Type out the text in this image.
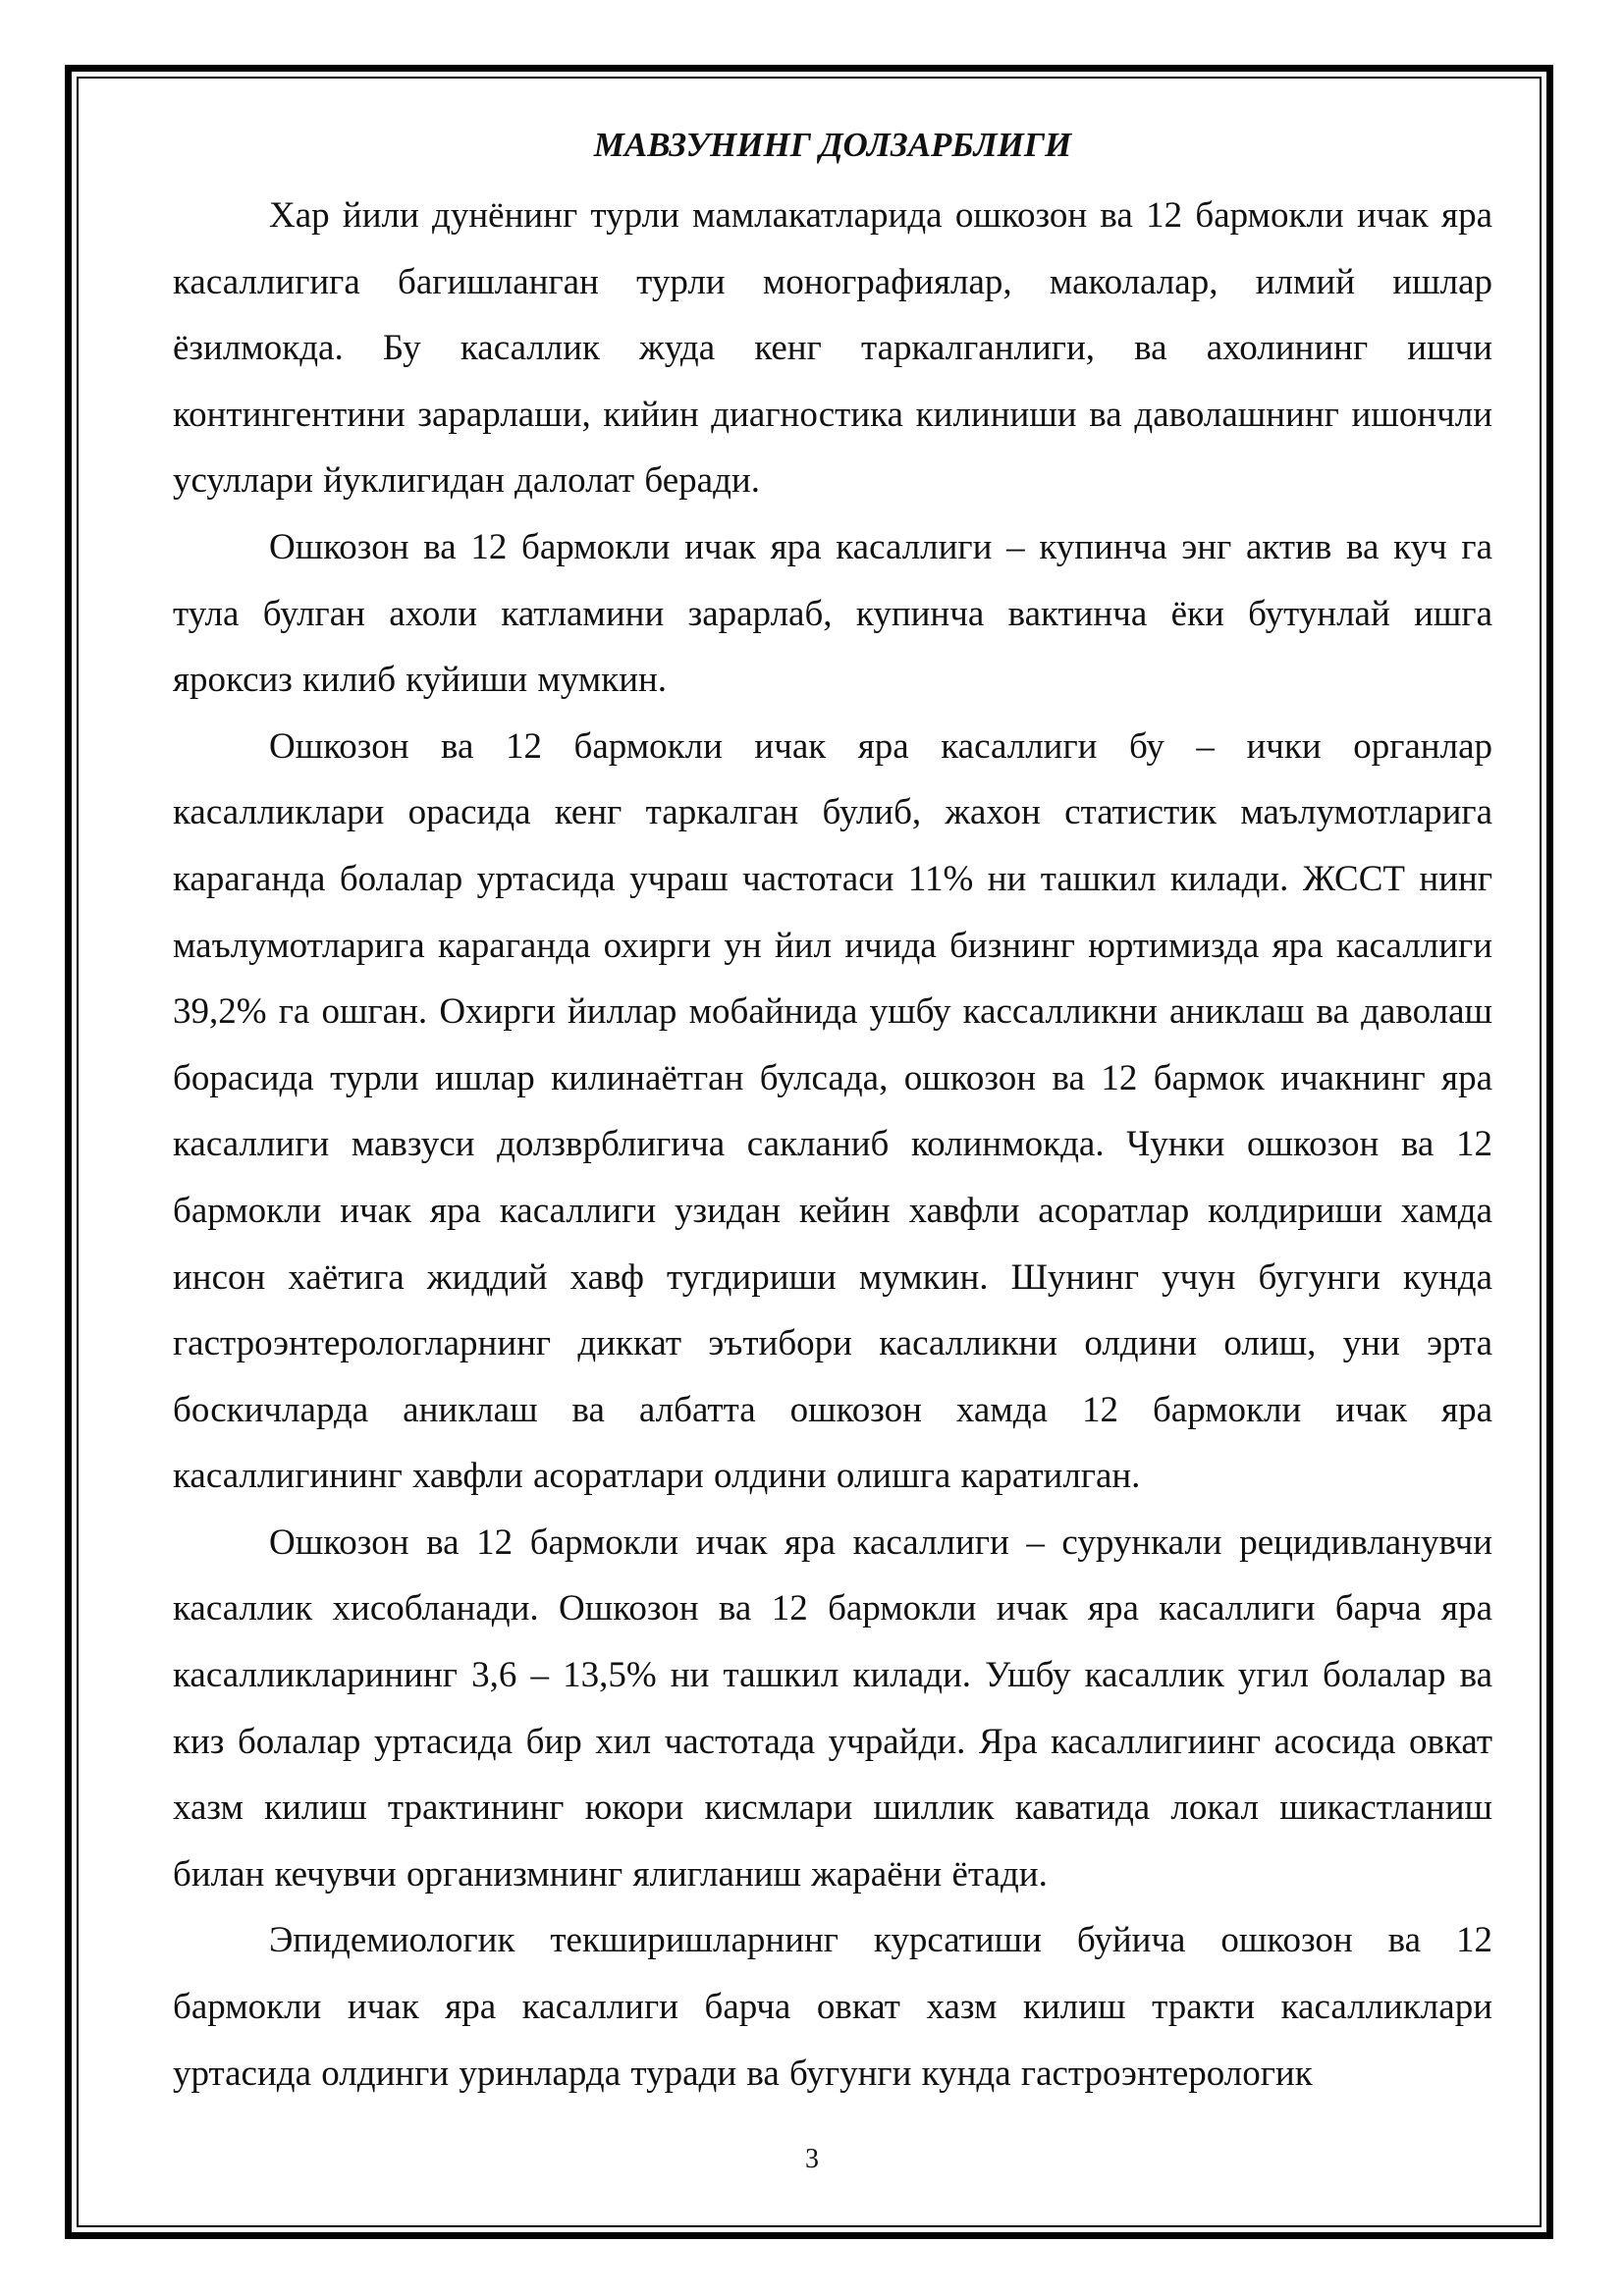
МАВЗУНИНГ ДОЛЗАРБЛИГИ

Хар йили дунёнинг турли мамлакатларида ошкозон ва 12 бармокли ичак яра касаллигига багишланган турли монографиялар, маколалар, илмий ишлар ёзилмокда. Бу касаллик жуда кенг таркалганлиги, ва ахолининг ишчи контингентини зарарлаши, кийин диагностика килиниши ва даволашнинг ишончли усуллари йуклигидан далолат беради.

Ошкозон ва 12 бармокли ичак яра касаллиги – купинча энг актив ва куч га тула булган ахоли катламини зарарлаб, купинча вактинча ёки бутунлай ишга яроксиз килиб куйиши мумкин.

Ошкозон ва 12 бармокли ичак яра касаллиги бу – ички органлар касалликлари орасида кенг таркалган булиб, жахон статистик маълумотларига караганда болалар уртасида учраш частотаси 11% ни ташкил килади. ЖССТ нинг маълумотларига караганда охирги ун йил ичида бизнинг юртимизда яра касаллиги 39,2% га ошган. Охирги йиллар мобайнида ушбу кассалликни аниклаш ва даволаш борасида турли ишлар килинаётган булсада, ошкозон ва 12 бармок ичакнинг яра касаллиги мавзуси долзврблигича сакланиб колинмокда. Чунки ошкозон ва 12 бармокли ичак яра касаллиги узидан кейин хавфли асоратлар колдириши хамда инсон хаётига жиддий хавф тугдириши мумкин. Шунинг учун бугунги кунда гастроэнтерологларнинг диккат эътибори касалликни олдини олиш, уни эрта боскичларда аниклаш ва албатта ошкозон хамда 12 бармокли ичак яра касаллигининг хавфли асоратлари олдини олишга каратилган.

Ошкозон ва 12 бармокли ичак яра касаллиги – сурункали рецидивланувчи касаллик хисобланади. Ошкозон ва 12 бармокли ичак яра касаллиги барча яра касалликларининг 3,6 – 13,5% ни ташкил килади. Ушбу касаллик угил болалар ва киз болалар уртасида бир хил частотада учрайди. Яра касаллигиинг асосида овкат хазм килиш трактининг юкори кисмлари шиллик каватида локал шикастланиш билан кечувчи организмнинг ялигланиш жараёни ётади.

Эпидемиологик текширишларнинг курсатиши буйича ошкозон ва 12 бармокли ичак яра касаллиги барча овкат хазм килиш тракти касалликлари уртасида олдинги уринларда туради ва бугунги кунда гастроэнтерологик

3
